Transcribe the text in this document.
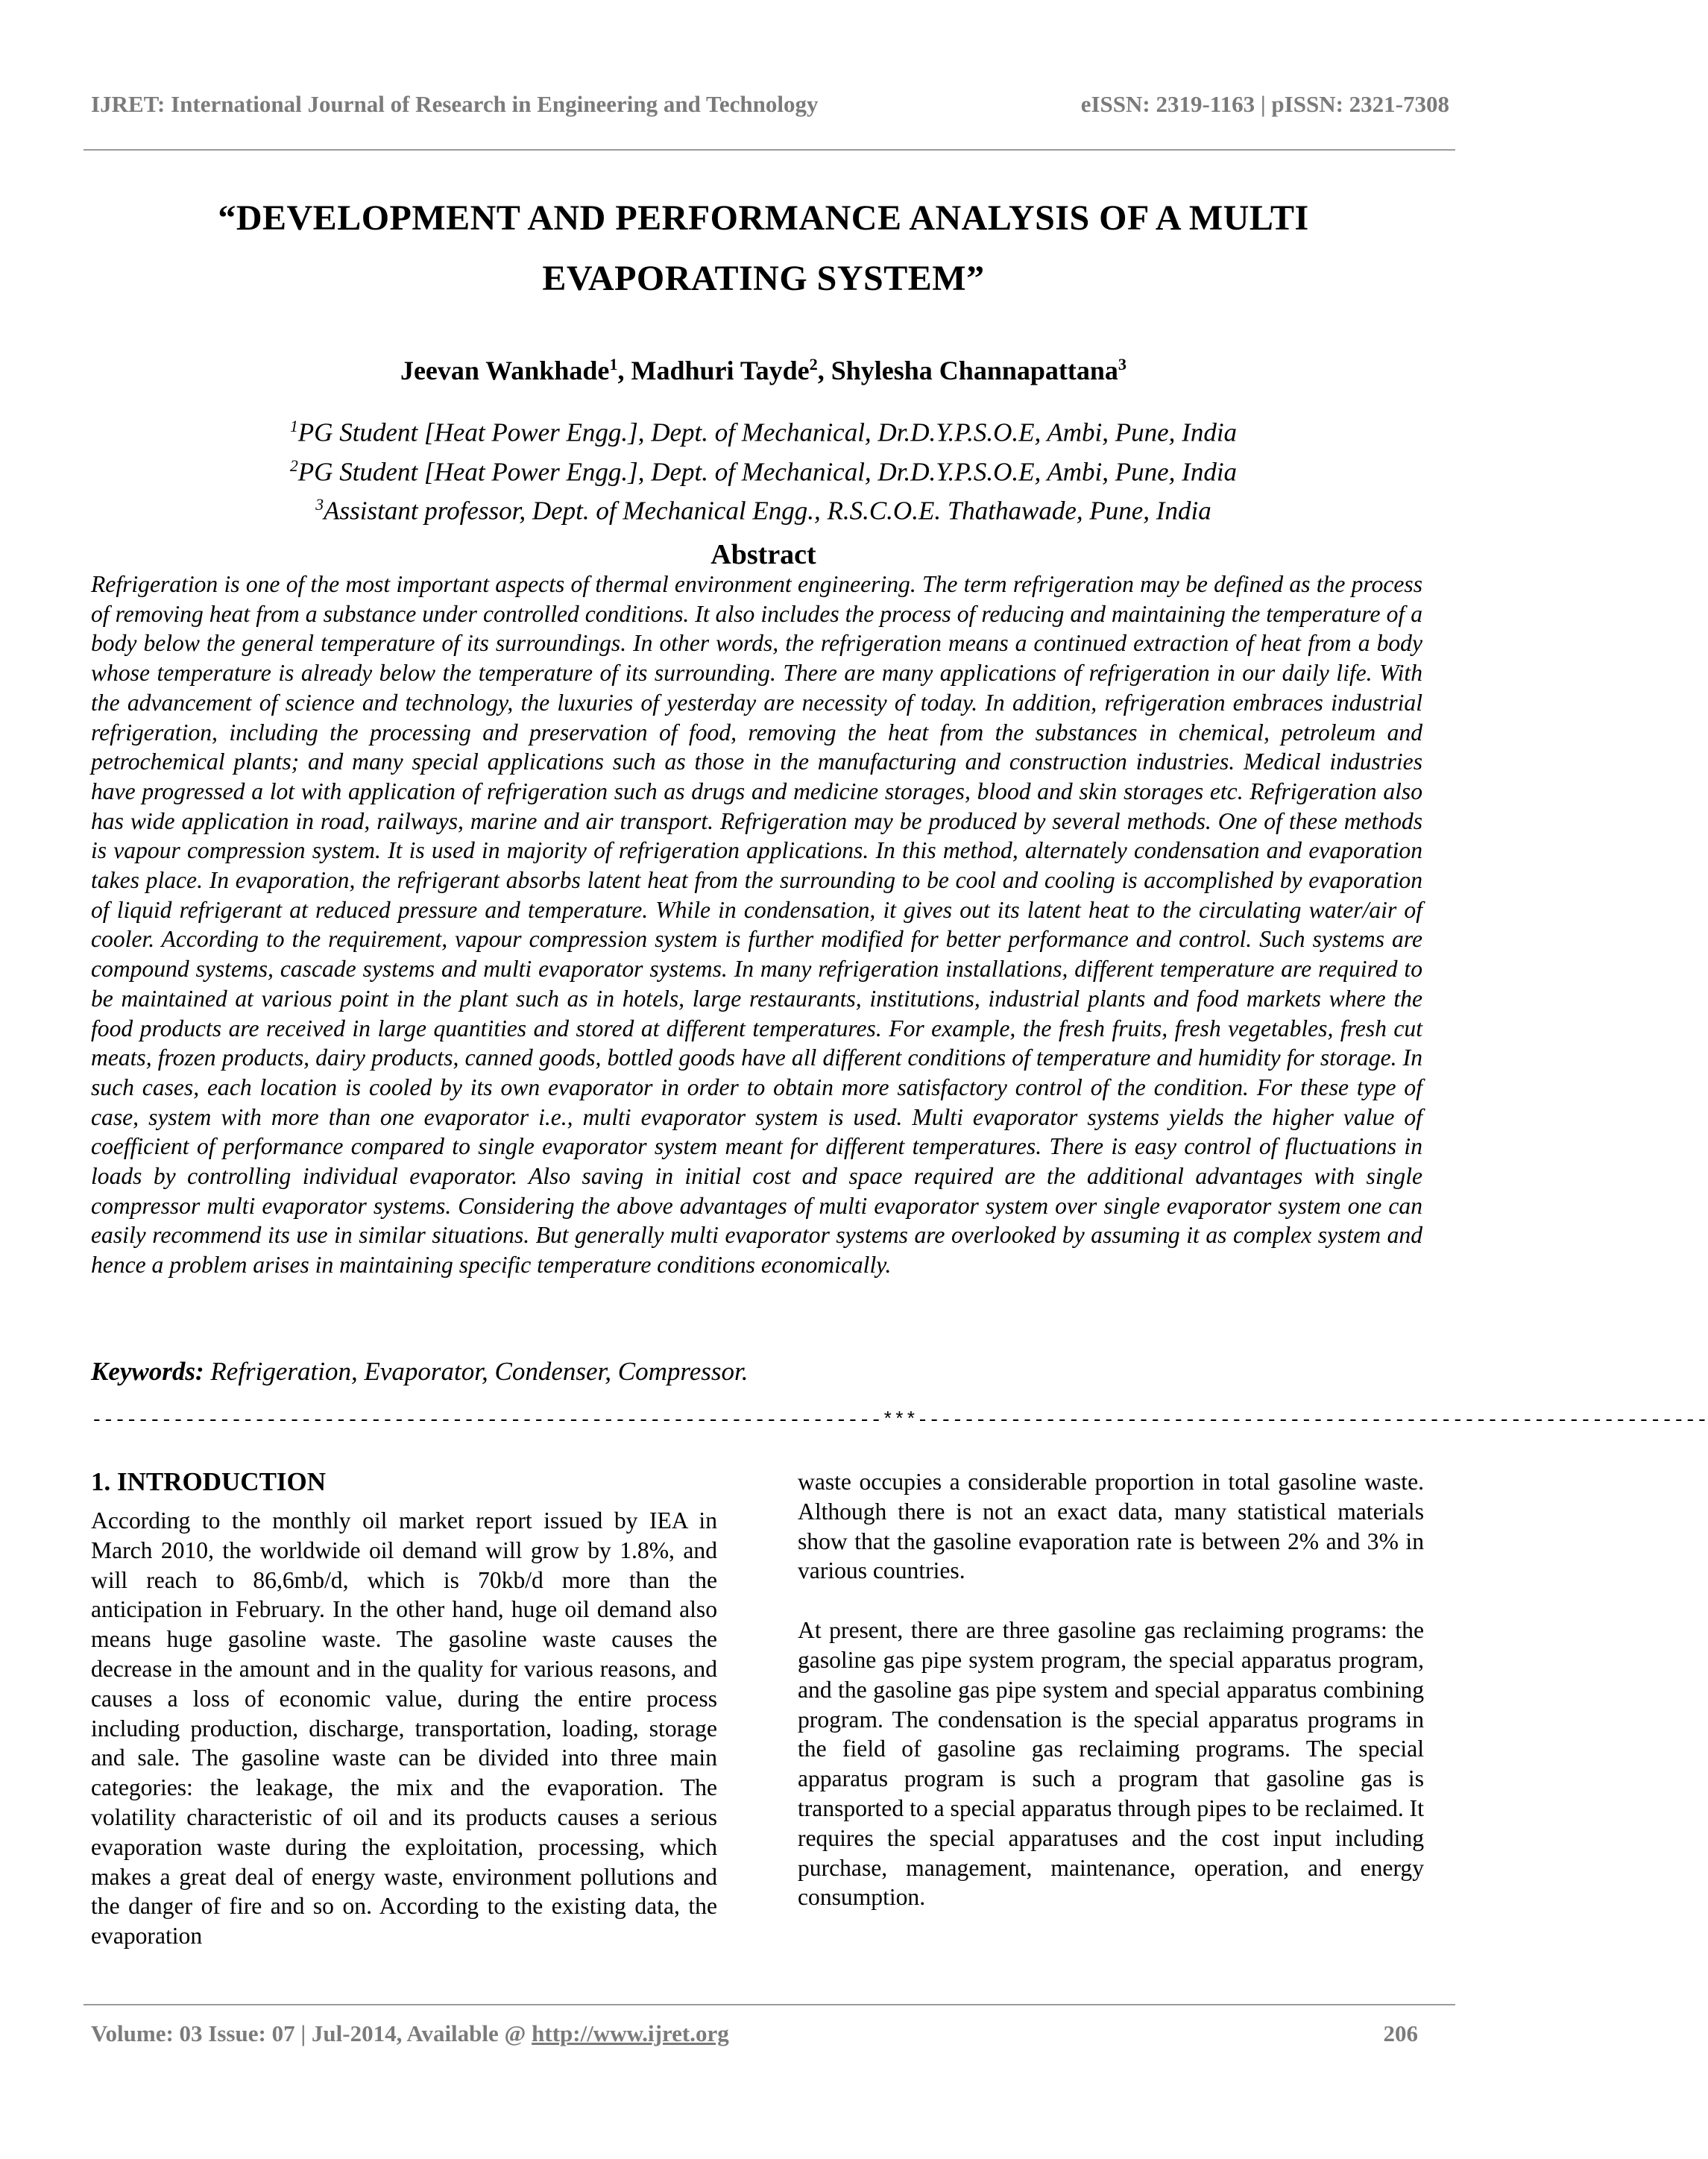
IJRET: International Journal of Research in Engineering and Technology	eISSN: 2319-1163 | pISSN: 2321-7308
“DEVELOPMENT AND PERFORMANCE ANALYSIS OF A MULTI
EVAPORATING SYSTEM”
Jeevan Wankhade$^1$, Madhuri Tayde$^2$, Shylesha Channapattana$^3$
$^1$PG Student [Heat Power Engg.], Dept. of Mechanical, Dr.D.Y.P.S.O.E, Ambi, Pune, India
$^2$PG Student [Heat Power Engg.], Dept. of Mechanical, Dr.D.Y.P.S.O.E, Ambi, Pune, India
$^3$Assistant professor, Dept. of Mechanical Engg., R.S.C.O.E. Thathawade, Pune, India
Abstract

Refrigeration is one of the most important aspects of thermal environment engineering. The term refrigeration may be defined as the process of removing heat from a substance under controlled conditions. It also includes the process of reducing and maintaining the temperature of a body below the general temperature of its surroundings. In other words, the refrigeration means a continued extraction of heat from a body whose temperature is already below the temperature of its surrounding. There are many applications of refrigeration in our daily life. With the advancement of science and technology, the luxuries of yesterday are necessity of today. In addition, refrigeration embraces industrial refrigeration, including the processing and preservation of food, removing the heat from the substances in chemical, petroleum and petrochemical plants; and many special applications such as those in the manufacturing and construction industries. Medical industries have progressed a lot with application of refrigeration such as drugs and medicine storages, blood and skin storages etc. Refrigeration also has wide application in road, railways, marine and air transport. Refrigeration may be produced by several methods. One of these methods is vapour compression system. It is used in majority of refrigeration applications. In this method, alternately condensation and evaporation takes place. In evaporation, the refrigerant absorbs latent heat from the surrounding to be cool and cooling is accomplished by evaporation of liquid refrigerant at reduced pressure and temperature. While in condensation, it gives out its latent heat to the circulating water/air of cooler. According to the requirement, vapour compression system is further modified for better performance and control. Such systems are compound systems, cascade systems and multi evaporator systems. In many refrigeration installations, different temperature are required to be maintained at various point in the plant such as in hotels, large restaurants, institutions, industrial plants and food markets where the food products are received in large quantities and stored at different temperatures. For example, the fresh fruits, fresh vegetables, fresh cut meats, frozen products, dairy products, canned goods, bottled goods have all different conditions of temperature and humidity for storage. In such cases, each location is cooled by its own evaporator in order to obtain more satisfactory control of the condition. For these type of case, system with more than one evaporator i.e., multi evaporator system is used. Multi evaporator systems yields the higher value of coefficient of performance compared to single evaporator system meant for different temperatures. There is easy control of fluctuations in loads by controlling individual evaporator. Also saving in initial cost and space required are the additional advantages with single compressor multi evaporator systems. Considering the above advantages of multi evaporator system over single evaporator system one can easily recommend its use in similar situations. But generally multi evaporator systems are overlooked by assuming it as complex system and hence a problem arises in maintaining specific temperature conditions economically.

Keywords: Refrigeration, Evaporator, Condenser, Compressor.
--------------------------------------------------------------------***--------------------------------------------------------------------
1. INTRODUCTION

According to the monthly oil market report issued by IEA in March 2010, the worldwide oil demand will grow by 1.8%, and will reach to 86,6mb/d, which is 70kb/d more than the anticipation in February. In the other hand, huge oil demand also means huge gasoline waste. The gasoline waste causes the decrease in the amount and in the quality for various reasons, and causes a loss of economic value, during the entire process including production, discharge, transportation, loading, storage and sale. The gasoline waste can be divided into three main categories: the leakage, the mix and the evaporation. The volatility characteristic of oil and its products causes a serious evaporation waste during the exploitation, processing, which makes a great deal of energy waste, environment pollutions and the danger of fire and so on. According to the existing data, the evaporation

waste occupies a considerable proportion in total gasoline waste. Although there is not an exact data, many statistical materials show that the gasoline evaporation rate is between 2% and 3% in various countries.

At present, there are three gasoline gas reclaiming programs: the gasoline gas pipe system program, the special apparatus program, and the gasoline gas pipe system and special apparatus combining program. The condensation is the special apparatus programs in the field of gasoline gas reclaiming programs. The special apparatus program is such a program that gasoline gas is transported to a special apparatus through pipes to be reclaimed. It requires the special apparatuses and the cost input including purchase, management, maintenance, operation, and energy consumption.

Volume: 03 Issue: 07 | Jul-2014, Available @ http://www.ijret.org	206
